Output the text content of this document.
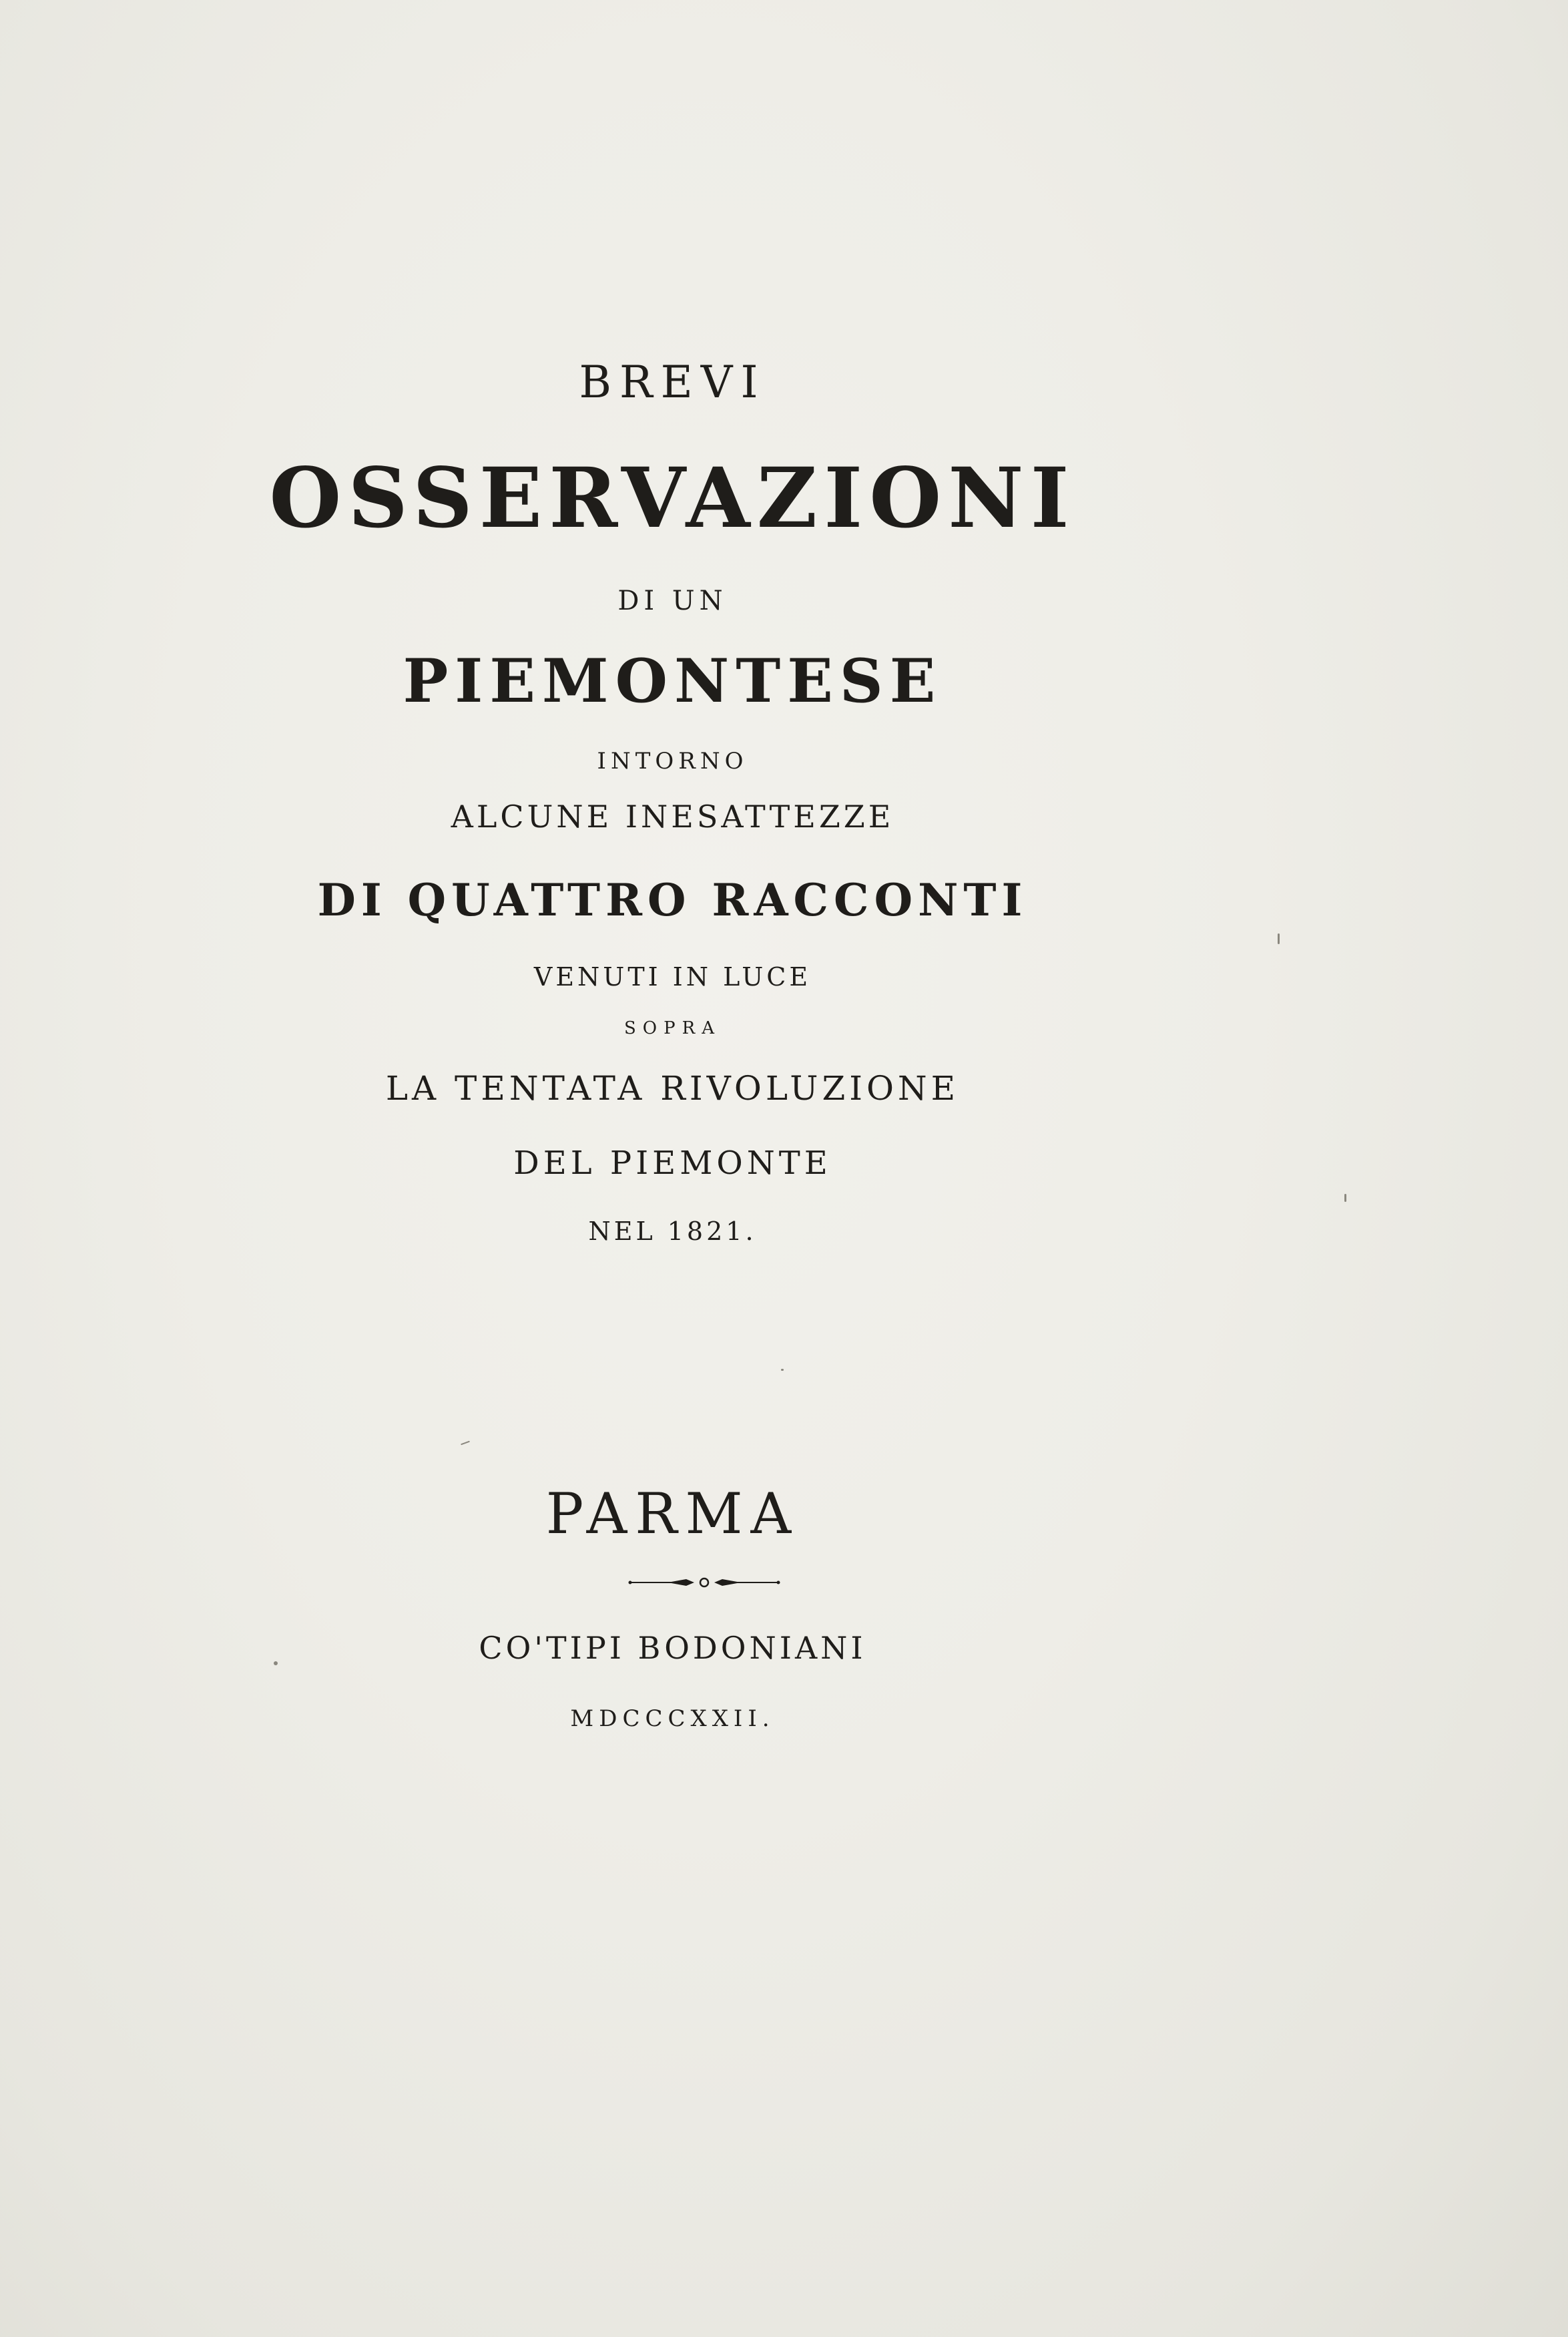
BREVI
OSSERVAZIONI
DI UN
PIEMONTESE
INTORNO
ALCUNE INESATTEZZE
DI QUATTRO RACCONTI
VENUTI IN LUCE
SOPRA
LA TENTATA RIVOLUZIONE
DEL PIEMONTE
NEL 1821.
PARMA
CO'TIPI BODONIANI
MDCCCXXII.
